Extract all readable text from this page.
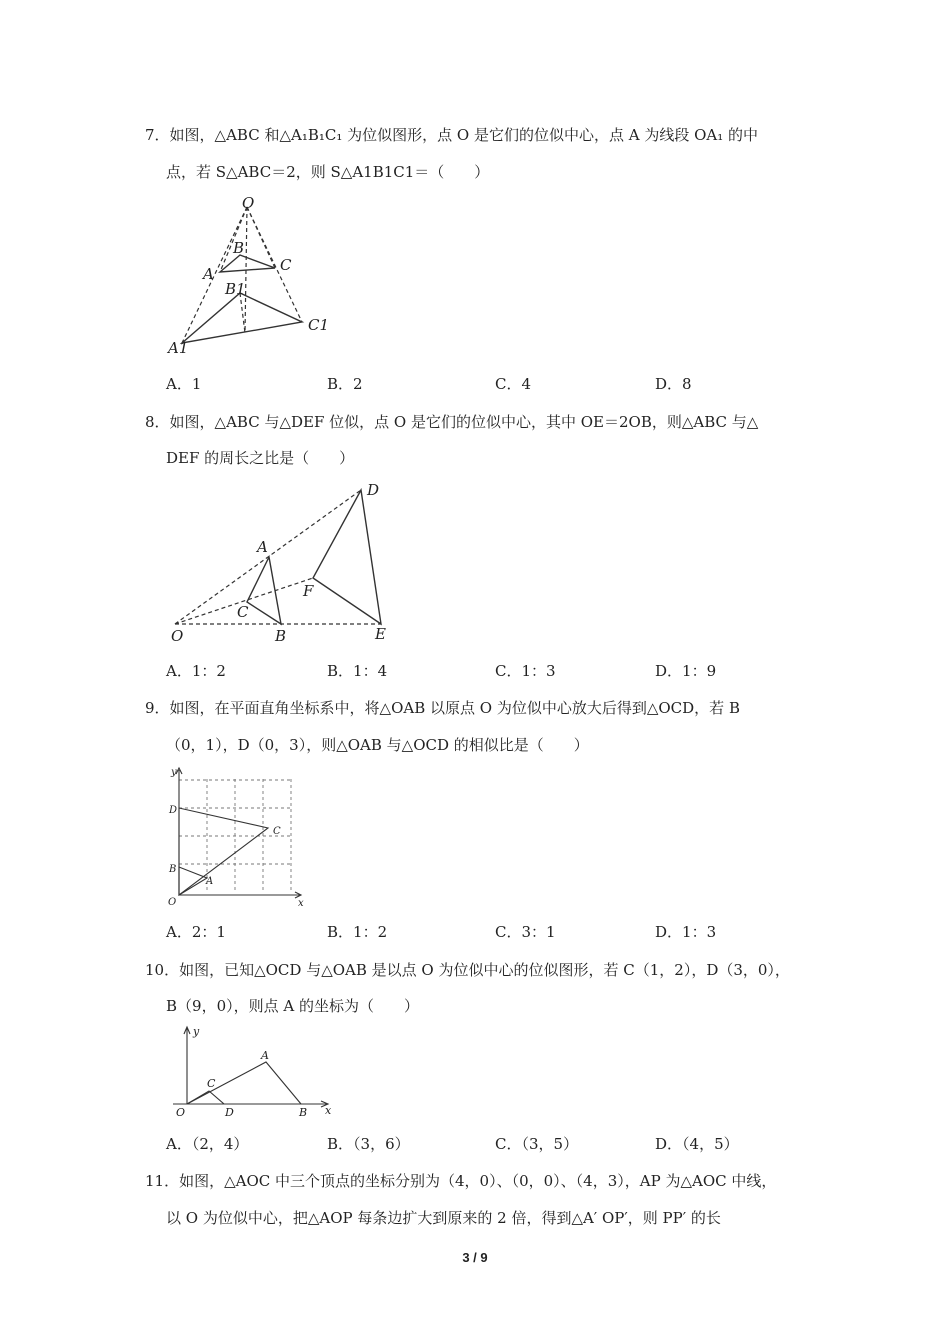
7．如图，△ABC 和△A₁B₁C₁ 为位似图形，点 O 是它们的位似中心，点 A 为线段 OA₁ 的中
点，若 S△ABC＝2，则 S△A1B1C1＝（　　）
O
B
C
A
B1
C1
A1
A．1	B．2	C．4	D．8
8．如图，△ABC 与△DEF 位似，点 O 是它们的位似中心，其中 OE＝2OB，则△ABC 与△
DEF 的周长之比是（　　）
D
A
F
C
O	B	E
A．1：2	B．1：4	C．1：3	D．1：9
9．如图，在平面直角坐标系中，将△OAB 以原点 O 为位似中心放大后得到△OCD，若 B
（0，1），D（0，3），则△OAB 与△OCD 的相似比是（　　）
y
D
C
B
A
O	x
A．2：1	B．1：2	C．3：1	D．1：3
10．如图，已知△OCD 与△OAB 是以点 O 为位似中心的位似图形，若 C（1，2），D（3，0），
B（9，0），则点 A 的坐标为（　　）
y
A
C
O	D	B x
A．（2，4）	B．（3，6）	C．（3，5）	D．（4，5）
11．如图，△AOC 中三个顶点的坐标分别为（4，0）、（0，0）、（4，3），AP 为△AOC 中线，
以 O 为位似中心，把△AOP 每条边扩大到原来的 2 倍，得到△A′ OP′，则 PP′ 的长
3 / 9
